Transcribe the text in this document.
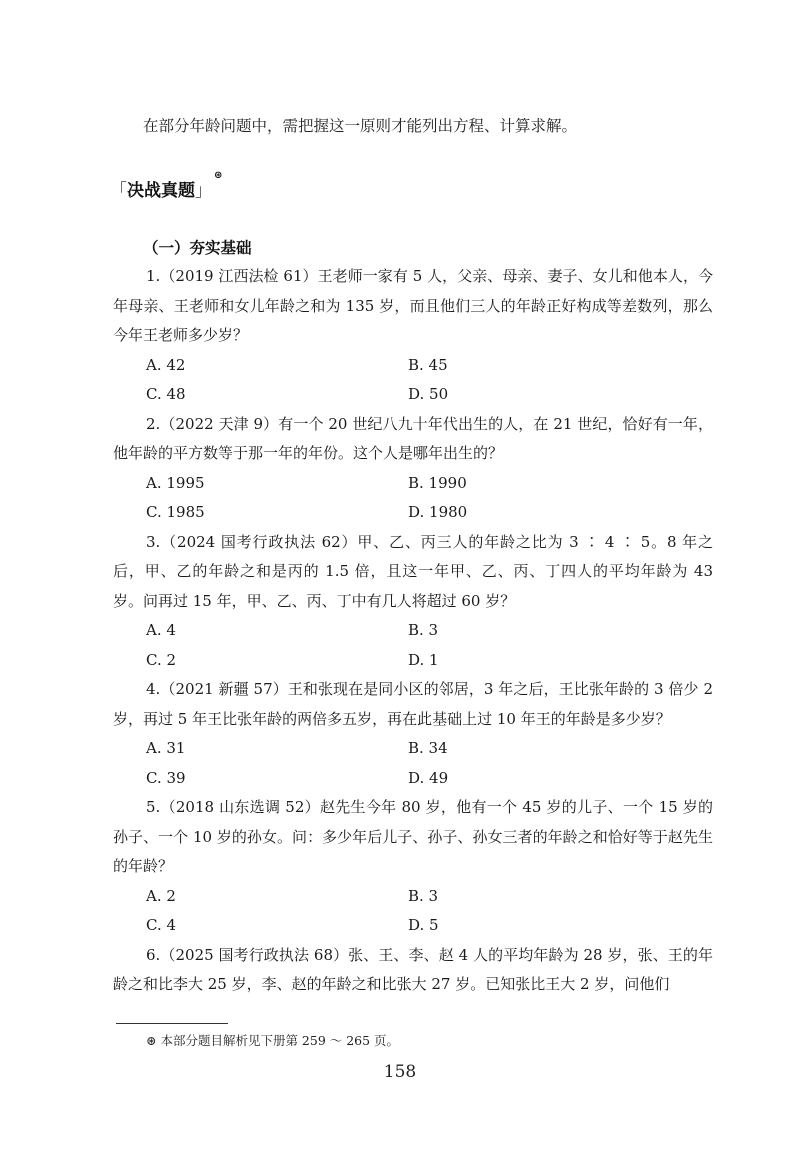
在部分年龄问题中，需把握这一原则才能列出方程、计算求解。
「 决战真题 」
⊛
（一）夯实基础

1.（2019 江西法检 61）王老师一家有 5 人，父亲、母亲、妻子、女儿和他本人，今年母亲、王老师和女儿年龄之和为 135 岁，而且他们三人的年龄正好构成等差数列，那么今年王老师多少岁？

A. 42	B. 45
C. 48	D. 50

2.（2022 天津 9）有一个 20 世纪八九十年代出生的人，在 21 世纪，恰好有一年，他年龄的平方数等于那一年的年份。这个人是哪年出生的？

A. 1995	B. 1990
C. 1985	D. 1980

3.（2024 国考行政执法 62）甲、乙、丙三人的年龄之比为 3 ∶ 4 ∶ 5。8 年之后，甲、乙的年龄之和是丙的 1.5 倍，且这一年甲、乙、丙、丁四人的平均年龄为 43 岁。问再过 15 年，甲、乙、丙、丁中有几人将超过 60 岁？

A. 4	B. 3
C. 2	D. 1

4.（2021 新疆 57）王和张现在是同小区的邻居，3 年之后，王比张年龄的 3 倍少 2 岁，再过 5 年王比张年龄的两倍多五岁，再在此基础上过 10 年王的年龄是多少岁？

A. 31	B. 34
C. 39	D. 49

5.（2018 山东选调 52）赵先生今年 80 岁，他有一个 45 岁的儿子、一个 15 岁的孙子、一个 10 岁的孙女。问：多少年后儿子、孙子、孙女三者的年龄之和恰好等于赵先生的年龄？

A. 2	B. 3
C. 4	D. 5

6.（2025 国考行政执法 68）张、王、李、赵 4 人的平均年龄为 28 岁，张、王的年龄之和比李大 25 岁，李、赵的年龄之和比张大 27 岁。已知张比王大 2 岁，问他们

⊛ 本部分题目解析见下册第 259 ～ 265 页。
158
